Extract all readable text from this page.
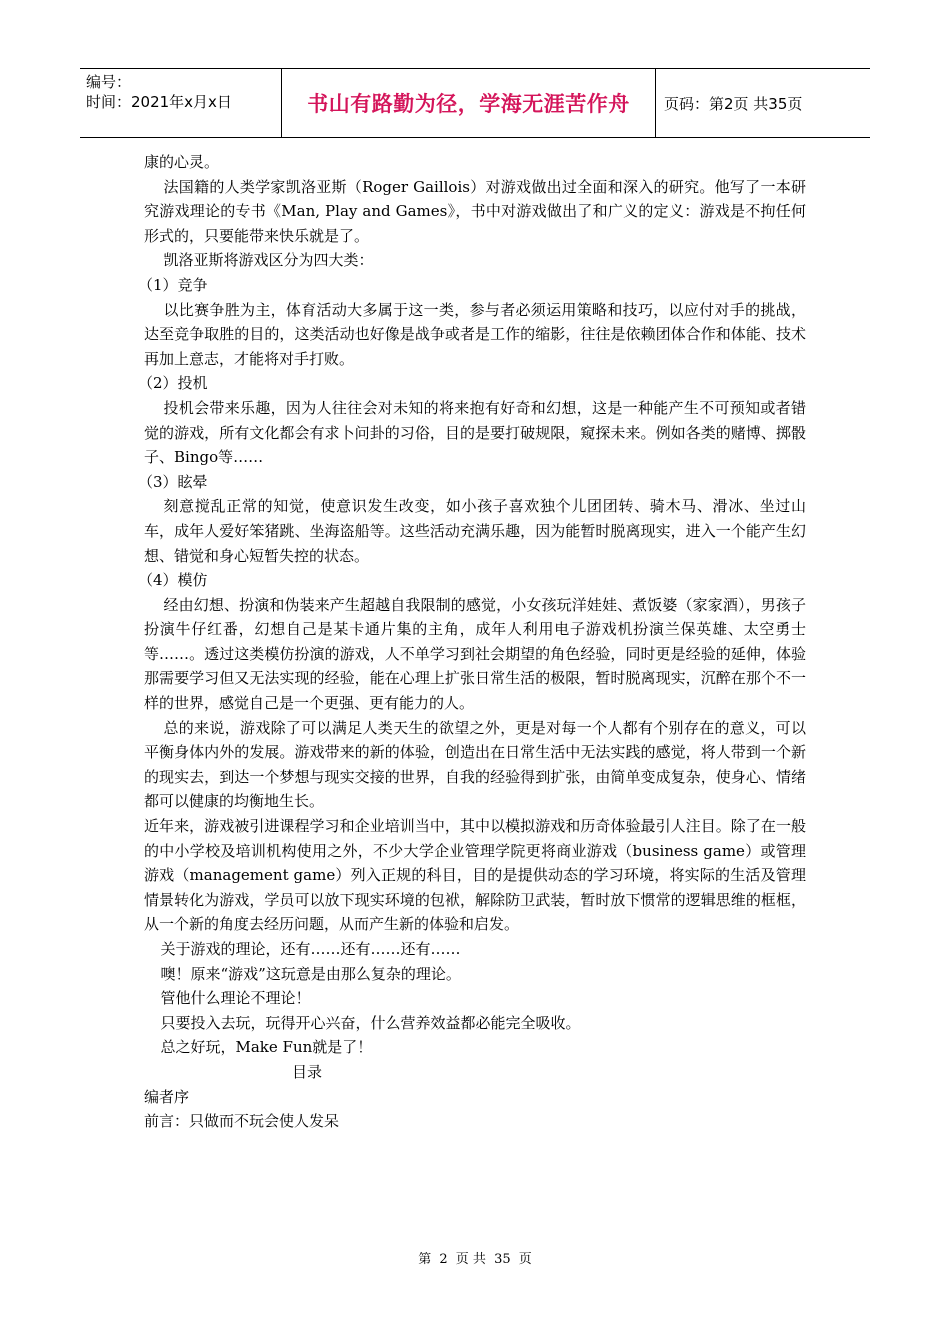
编号：
时间：2021年x月x日	书山有路勤为径，学海无涯苦作舟	页码：第2页 共35页

康的心灵。

法国籍的人类学家凯洛亚斯（Roger Gaillois）对游戏做出过全面和深入的研究。他写了一本研究游戏理论的专书《Man, Play and Games》，书中对游戏做出了和广义的定义：游戏是不拘任何形式的，只要能带来快乐就是了。

凯洛亚斯将游戏区分为四大类：

（1）竞争

以比赛争胜为主，体育活动大多属于这一类，参与者必须运用策略和技巧，以应付对手的挑战，达至竞争取胜的目的，这类活动也好像是战争或者是工作的缩影，往往是依赖团体合作和体能、技术再加上意志，才能将对手打败。

（2）投机

投机会带来乐趣，因为人往往会对未知的将来抱有好奇和幻想，这是一种能产生不可预知或者错觉的游戏，所有文化都会有求卜问卦的习俗，目的是要打破规限，窥探未来。例如各类的赌博、掷骰子、Bingo等……

（3）眩晕

刻意搅乱正常的知觉，使意识发生改变，如小孩子喜欢独个儿团团转、骑木马、滑冰、坐过山车，成年人爱好笨猪跳、坐海盗船等。这些活动充满乐趣，因为能暂时脱离现实，进入一个能产生幻想、错觉和身心短暂失控的状态。

（4）模仿

经由幻想、扮演和伪装来产生超越自我限制的感觉，小女孩玩洋娃娃、煮饭婆（家家酒），男孩子扮演牛仔红番，幻想自己是某卡通片集的主角，成年人利用电子游戏机扮演兰保英雄、太空勇士等……。透过这类模仿扮演的游戏，人不单学习到社会期望的角色经验，同时更是经验的延伸，体验那需要学习但又无法实现的经验，能在心理上扩张日常生活的极限，暂时脱离现实，沉醉在那个不一样的世界，感觉自己是一个更强、更有能力的人。

总的来说，游戏除了可以满足人类天生的欲望之外，更是对每一个人都有个别存在的意义，可以平衡身体内外的发展。游戏带来的新的体验，创造出在日常生活中无法实践的感觉，将人带到一个新的现实去，到达一个梦想与现实交接的世界，自我的经验得到扩张，由简单变成复杂，使身心、情绪都可以健康的均衡地生长。

近年来，游戏被引进课程学习和企业培训当中，其中以模拟游戏和历奇体验最引人注目。除了在一般的中小学校及培训机构使用之外，不少大学企业管理学院更将商业游戏（business game）或管理游戏（management game）列入正规的科目，目的是提供动态的学习环境，将实际的生活及管理情景转化为游戏，学员可以放下现实环境的包袱，解除防卫武装，暂时放下惯常的逻辑思维的框框，从一个新的角度去经历问题，从而产生新的体验和启发。

关于游戏的理论，还有……还有……还有……

噢！原来“游戏”这玩意是由那么复杂的理论。

管他什么理论不理论！

只要投入去玩，玩得开心兴奋，什么营养效益都必能完全吸收。

总之好玩，Make Fun就是了！

目录

编者序

前言：只做而不玩会使人发呆

第 2 页 共 35 页
